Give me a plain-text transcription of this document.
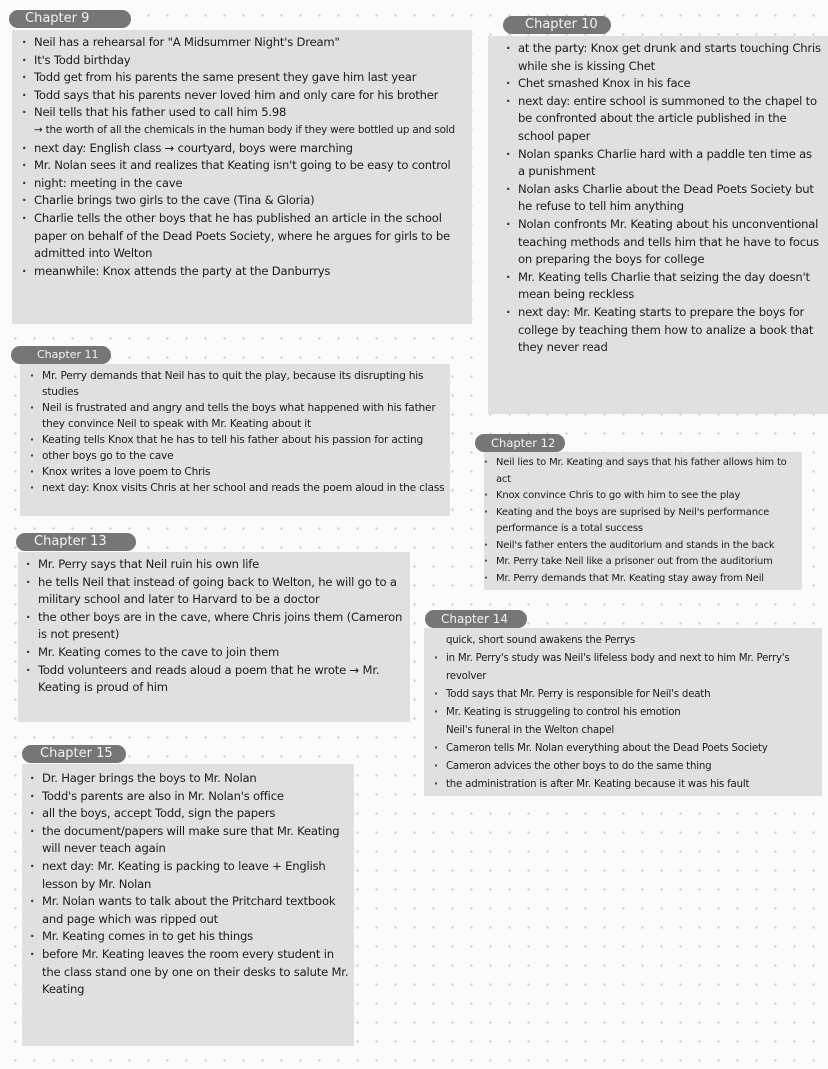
Chapter 9
· Neil has a rehearsal for "A Midsummer Night's Dream"
· It's Todd birthday
· Todd get from his parents the same present they gave him last year
· Todd says that his parents never loved him and only care for his brother
· Neil tells that his father used to call him 5.98
→ the worth of all the chemicals in the human body if they were bottled up and sold
· next day: English class → courtyard, boys were marching
· Mr. Nolan sees it and realizes that Keating isn't going to be easy to control
· night: meeting in the cave
· Charlie brings two girls to the cave (Tina & Gloria)
· Charlie tells the other boys that he has published an article in the school paper on behalf of the Dead Poets Society, where he argues for girls to be admitted into Welton
· meanwhile: Knox attends the party at the Danburrys
Chapter 10
· at the party: Knox get drunk and starts touching Chris while she is kissing Chet
· Chet smashed Knox in his face
· next day: entire school is summoned to the chapel to be confronted about the article published in the school paper
· Nolan spanks Charlie hard with a paddle ten time as a punishment
· Nolan asks Charlie about the Dead Poets Society but he refuse to tell him anything
· Nolan confronts Mr. Keating about his unconventional teaching methods and tells him that he have to focus on preparing the boys for college
· Mr. Keating tells Charlie that seizing the day doesn't mean being reckless
· next day: Mr. Keating starts to prepare the boys for college by teaching them how to analize a book that they never read
Chapter 11
· Mr. Perry demands that Neil has to quit the play, because its disrupting his studies
· Neil is frustrated and angry and tells the boys what happened with his father they convince Neil to speak with Mr. Keating about it
· Keating tells Knox that he has to tell his father about his passion for acting
· other boys go to the cave
· Knox writes a love poem to Chris
· next day: Knox visits Chris at her school and reads the poem aloud in the class
Chapter 12
· Neil lies to Mr. Keating and says that his father allows him to act
· Knox convince Chris to go with him to see the play
· Keating and the boys are suprised by Neil's performance
performance is a total success
· Neil's father enters the auditorium and stands in the back
· Mr. Perry take Neil like a prisoner out from the auditorium
· Mr. Perry demands that Mr. Keating stay away from Neil
Chapter 13
· Mr. Perry says that Neil ruin his own life
· he tells Neil that instead of going back to Welton, he will go to a military school and later to Harvard to be a doctor
· the other boys are in the cave, where Chris joins them (Cameron is not present)
· Mr. Keating comes to the cave to join them
· Todd volunteers and reads aloud a poem that he wrote → Mr. Keating is proud of him
Chapter 14
quick, short sound awakens the Perrys
· in Mr. Perry's study was Neil's lifeless body and next to him Mr. Perry's revolver
· Todd says that Mr. Perry is responsible for Neil's death
· Mr. Keating is struggeling to control his emotion
Neil's funeral in the Welton chapel
· Cameron tells Mr. Nolan everything about the Dead Poets Society
· Cameron advices the other boys to do the same thing
· the administration is after Mr. Keating because it was his fault
Chapter 15
· Dr. Hager brings the boys to Mr. Nolan
· Todd's parents are also in Mr. Nolan's office
· all the boys, accept Todd, sign the papers
· the document/papers will make sure that Mr. Keating will never teach again
· next day: Mr. Keating is packing to leave + English lesson by Mr. Nolan
· Mr. Nolan wants to talk about the Pritchard textbook and page which was ripped out
· Mr. Keating comes in to get his things
· before Mr. Keating leaves the room every student in the class stand one by one on their desks to salute Mr. Keating
